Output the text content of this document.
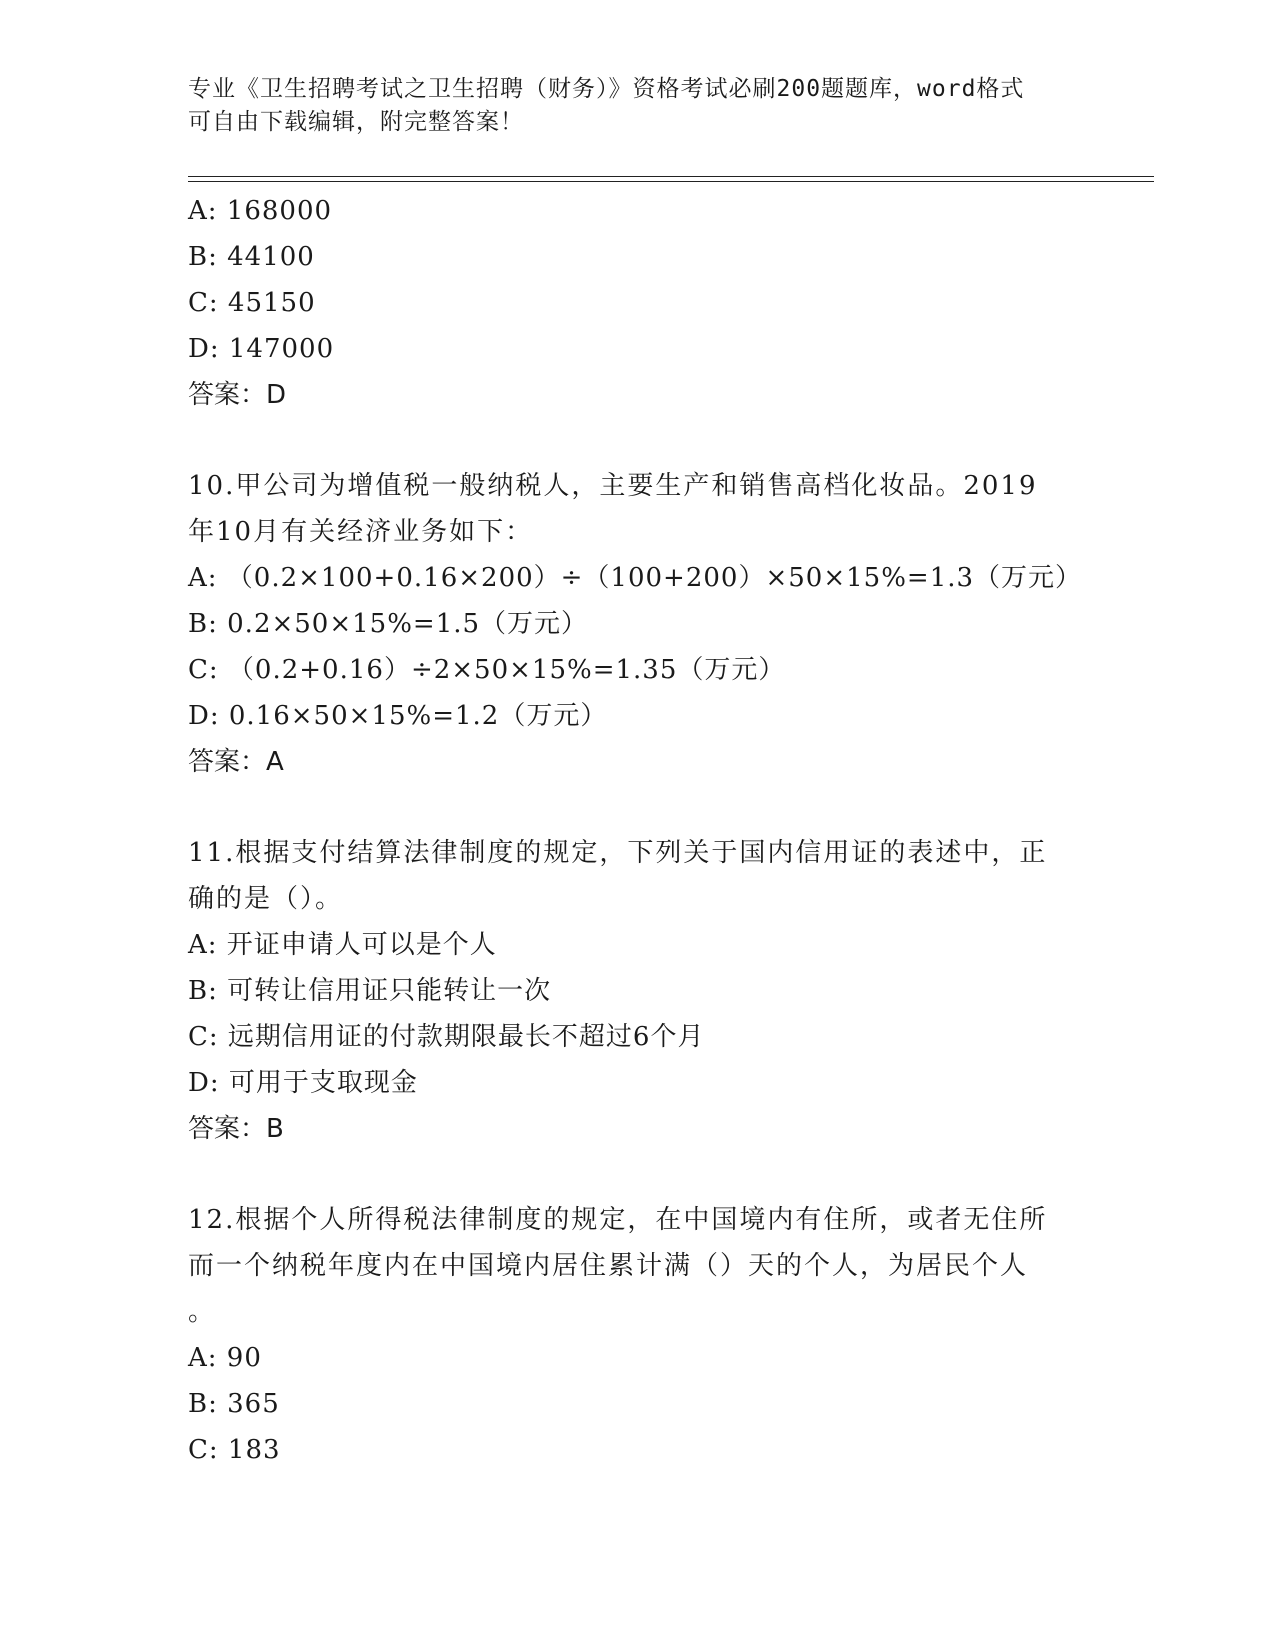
专业《卫生招聘考试之卫生招聘（财务）》资格考试必刷200题题库，word格式
可自由下载编辑，附完整答案！
A: 168000
B: 44100
C: 45150
D: 147000
答案：D
10.甲公司为增值税一般纳税人，主要生产和销售高档化妆品。2019
年10月有关经济业务如下：
A: （0.2×100+0.16×200）÷（100+200）×50×15%=1.3（万元）
B: 0.2×50×15%=1.5（万元）
C: （0.2+0.16）÷2×50×15%=1.35（万元）
D: 0.16×50×15%=1.2（万元）
答案：A
11.根据支付结算法律制度的规定，下列关于国内信用证的表述中，正
确的是（）。
A: 开证申请人可以是个人
B: 可转让信用证只能转让一次
C: 远期信用证的付款期限最长不超过6个月
D: 可用于支取现金
答案：B
12.根据个人所得税法律制度的规定，在中国境内有住所，或者无住所
而一个纳税年度内在中国境内居住累计满（）天的个人，为居民个人
。
A: 90
B: 365
C: 183
